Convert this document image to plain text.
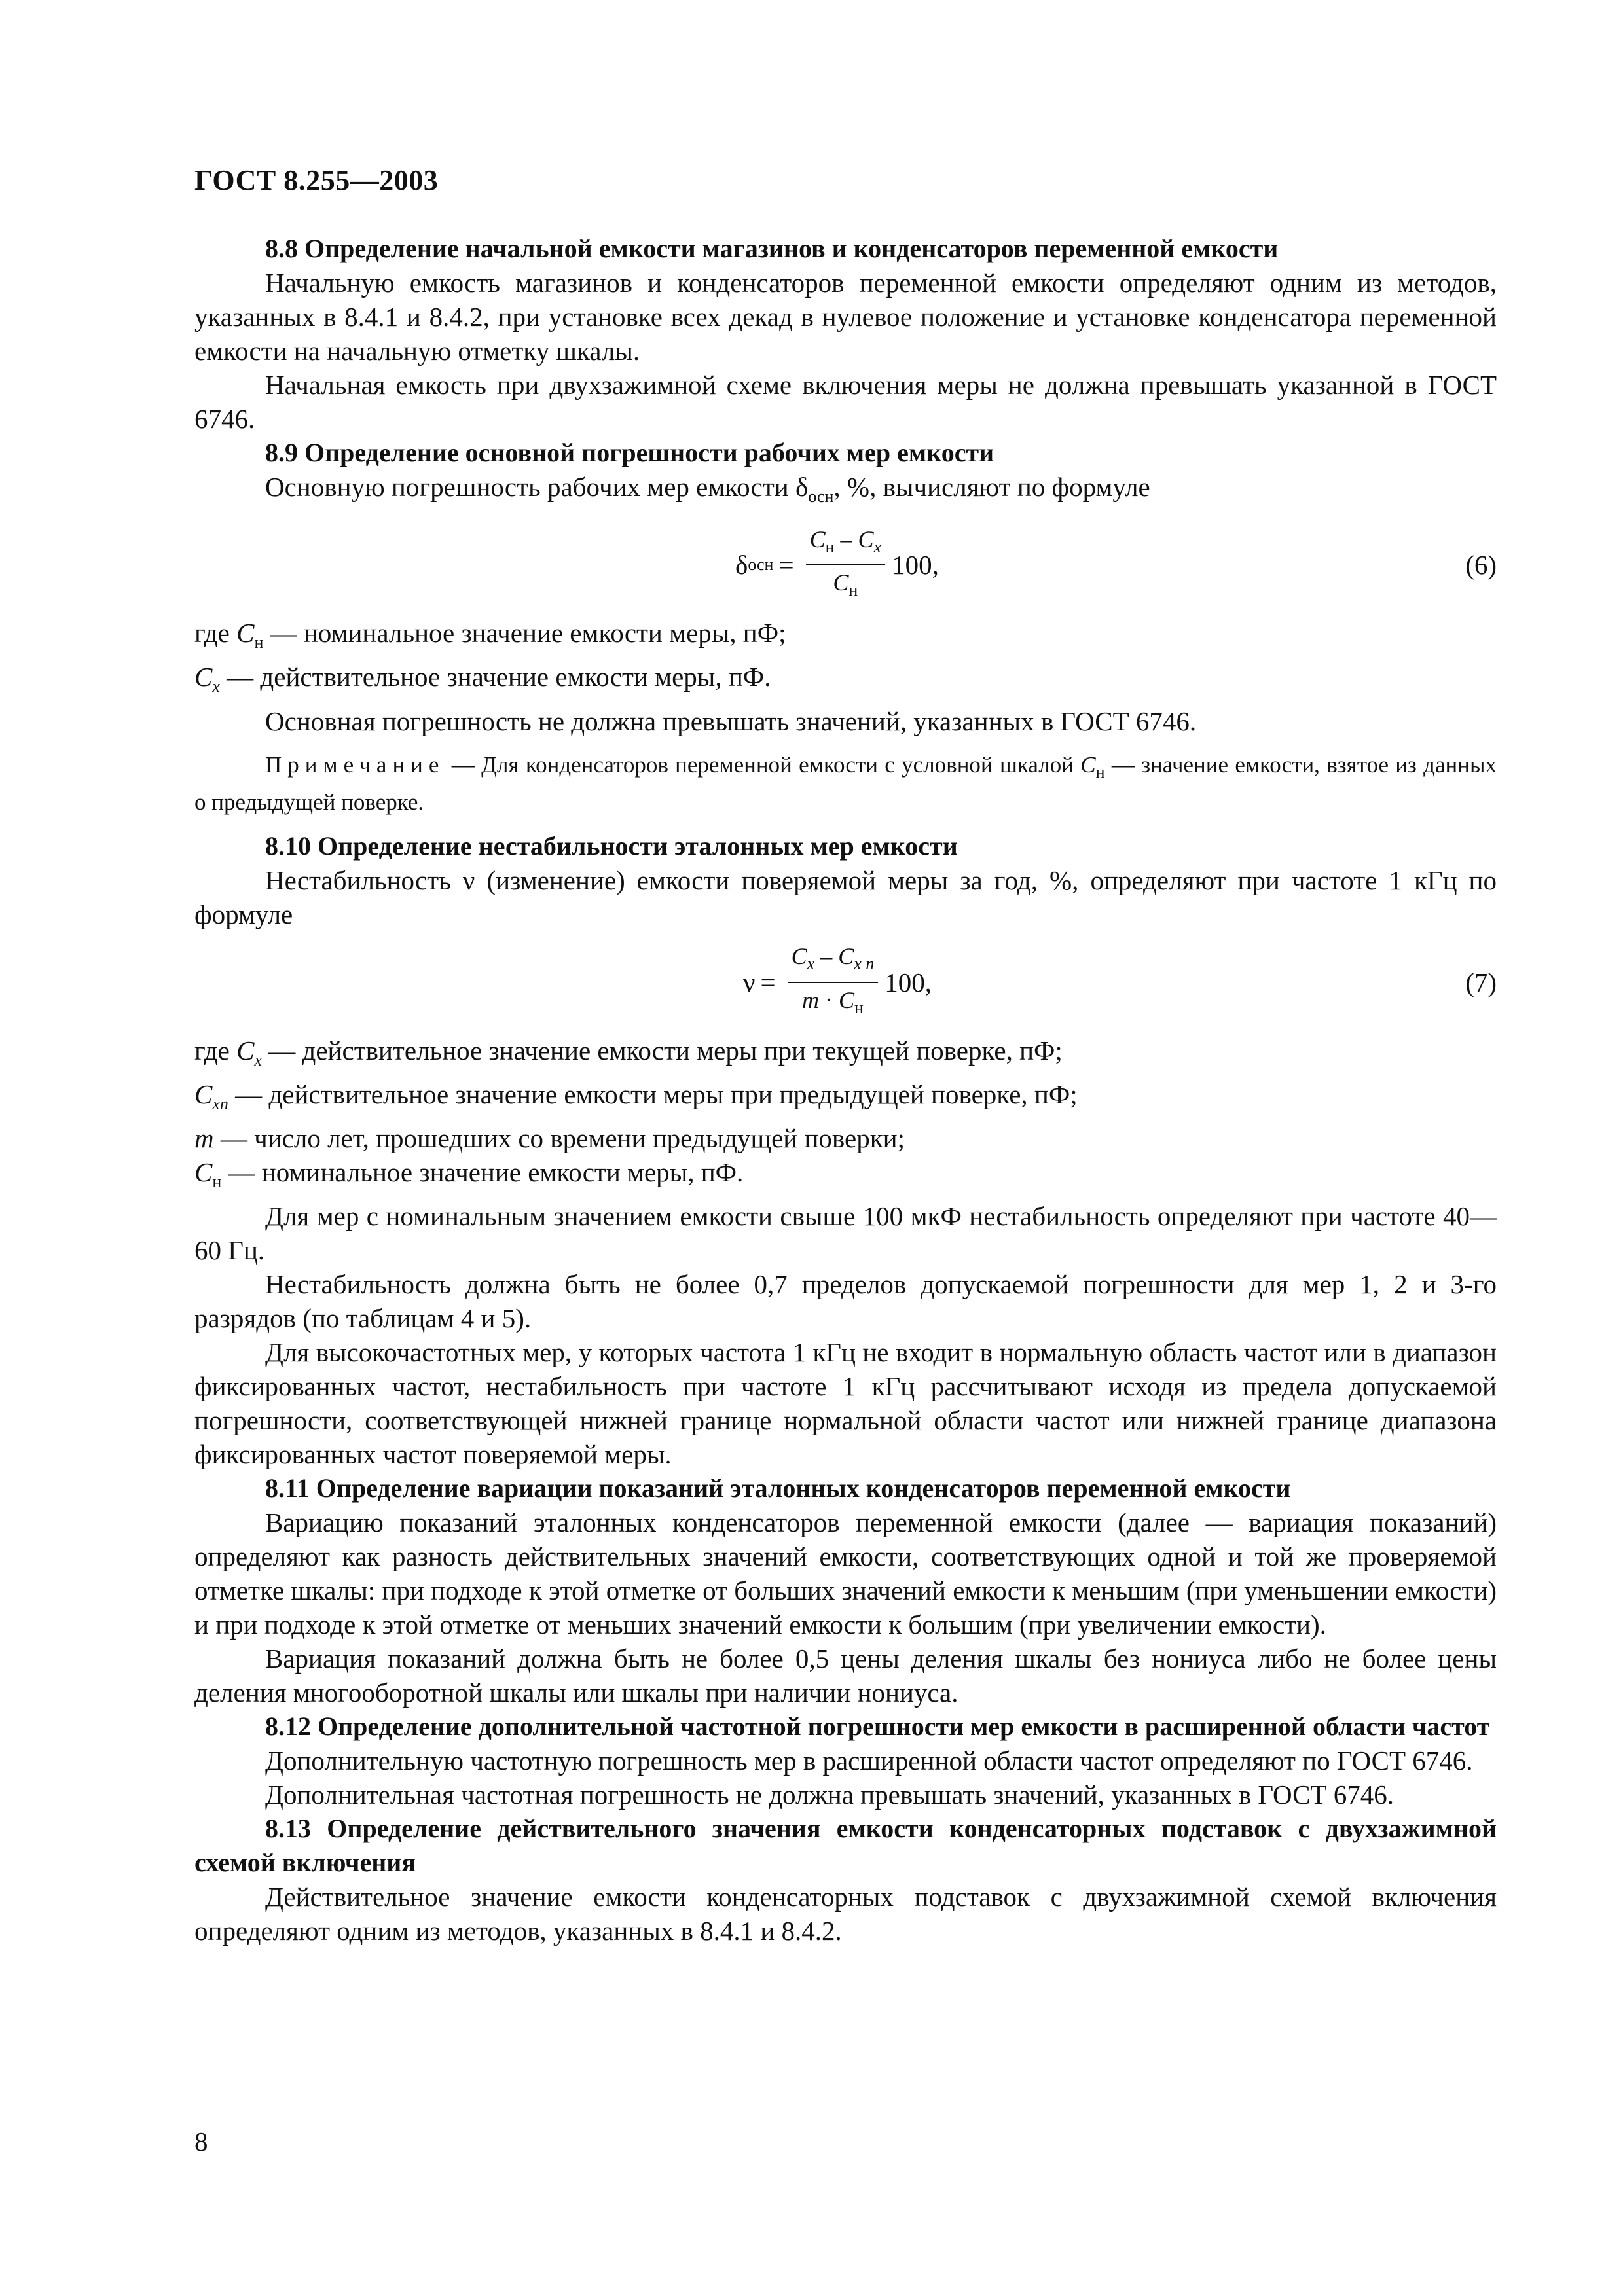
ГОСТ 8.255—2003

8.8 Определение начальной емкости магазинов и конденсаторов переменной емкости

Начальную емкость магазинов и конденсаторов переменной емкости определяют одним из методов, указанных в 8.4.1 и 8.4.2, при установке всех декад в нулевое положение и установке конденсатора переменной емкости на начальную отметку шкалы.

Начальная емкость при двухзажимной схеме включения меры не должна превышать указанной в ГОСТ 6746.

8.9 Определение основной погрешности рабочих мер емкости

Основную погрешность рабочих мер емкости $\delta_{осн}$, %, вычисляют по формуле

δ осн = $\frac{C_н - C_x}{C_н} 100$,	(6)

где $C_н$ — номинальное значение емкости меры, пФ;

$C_x$ — действительное значение емкости меры, пФ.

Основная погрешность не должна превышать значений, указанных в ГОСТ 6746.

Примечание — Для конденсаторов переменной емкости с условной шкалой $C_н$ — значение емкости, взятое из данных о предыдущей поверке.

8.10 Определение нестабильности эталонных мер емкости

Нестабильность ν (изменение) емкости поверяемой меры за год, %, определяют при частоте 1 кГц по формуле

$\nu = \frac{C_x - C_{x п}}{m \cdot C_н} 100$,	(7)

где $C_x$ — действительное значение емкости меры при текущей поверке, пФ;

$C_{xп}$ — действительное значение емкости меры при предыдущей поверке, пФ;

m — число лет, прошедших со времени предыдущей поверки;

$C_н$ — номинальное значение емкости меры, пФ.

Для мер с номинальным значением емкости свыше 100 мкФ нестабильность определяют при частоте 40—60 Гц.

Нестабильность должна быть не более 0,7 пределов допускаемой погрешности для мер 1, 2 и 3-го разрядов (по таблицам 4 и 5).

Для высокочастотных мер, у которых частота 1 кГц не входит в нормальную область частот или в диапазон фиксированных частот, нестабильность при частоте 1 кГц рассчитывают исходя из предела допускаемой погрешности, соответствующей нижней границе нормальной области частот или нижней границе диапазона фиксированных частот поверяемой меры.

8.11 Определение вариации показаний эталонных конденсаторов переменной емкости

Вариацию показаний эталонных конденсаторов переменной емкости (далее — вариация показаний) определяют как разность действительных значений емкости, соответствующих одной и той же проверяемой отметке шкалы: при подходе к этой отметке от больших значений емкости к меньшим (при уменьшении емкости) и при подходе к этой отметке от меньших значений емкости к большим (при увеличении емкости).

Вариация показаний должна быть не более 0,5 цены деления шкалы без нониуса либо не более цены деления многооборотной шкалы или шкалы при наличии нониуса.

8.12 Определение дополнительной частотной погрешности мер емкости в расширенной области частот

Дополнительную частотную погрешность мер в расширенной области частот определяют по ГОСТ 6746.

Дополнительная частотная погрешность не должна превышать значений, указанных в ГОСТ 6746.

8.13 Определение действительного значения емкости конденсаторных подставок с двухзажимной схемой включения

Действительное значение емкости конденсаторных подставок с двухзажимной схемой включения определяют одним из методов, указанных в 8.4.1 и 8.4.2.

8
